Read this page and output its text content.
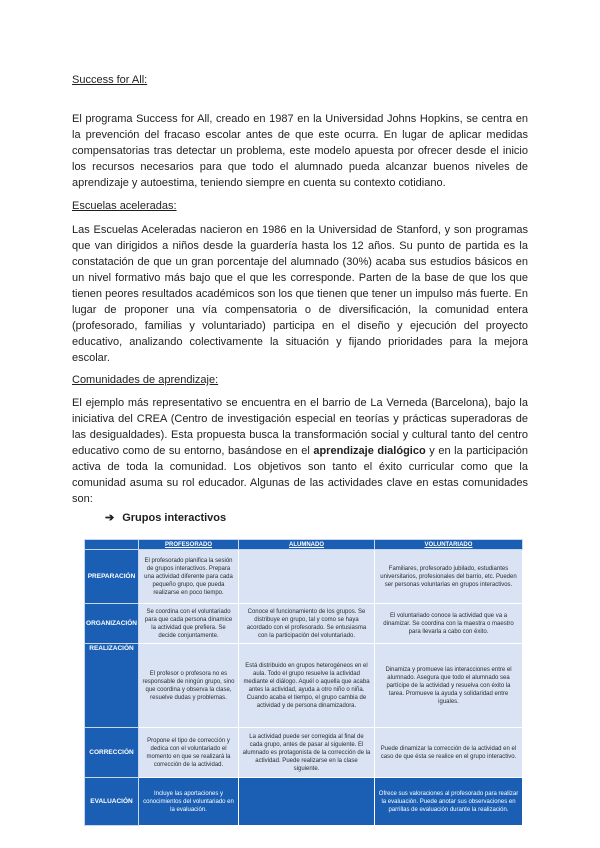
Success for All:

El programa Success for All, creado en 1987 en la Universidad Johns Hopkins, se centra en la prevención del fracaso escolar antes de que este ocurra. En lugar de aplicar medidas compensatorias tras detectar un problema, este modelo apuesta por ofrecer desde el inicio los recursos necesarios para que todo el alumnado pueda alcanzar buenos niveles de aprendizaje y autoestima, teniendo siempre en cuenta su contexto cotidiano.

Escuelas aceleradas:

Las Escuelas Aceleradas nacieron en 1986 en la Universidad de Stanford, y son programas que van dirigidos a niños desde la guardería hasta los 12 años. Su punto de partida es la constatación de que un gran porcentaje del alumnado (30%) acaba sus estudios básicos en un nivel formativo más bajo que el que les corresponde. Parten de la base de que los que tienen peores resultados académicos son los que tienen que tener un impulso más fuerte. En lugar de proponer una vía compensatoria o de diversificación, la comunidad entera (profesorado, familias y voluntariado) participa en el diseño y ejecución del proyecto educativo, analizando colectivamente la situación y fijando prioridades para la mejora escolar.

Comunidades de aprendizaje:

El ejemplo más representativo se encuentra en el barrio de La Verneda (Barcelona), bajo la iniciativa del CREA (Centro de investigación especial en teorías y prácticas superadoras de las desigualdades). Esta propuesta busca la transformación social y cultural tanto del centro educativo como de su entorno, basándose en el aprendizaje dialógico y en la participación activa de toda la comunidad. Los objetivos son tanto el éxito curricular como que la comunidad asuma su rol educador. Algunas de las actividades clave en estas comunidades son:

➔ Grupos interactivos
	PROFESORADO	ALUMNADO	VOLUNTARIADO
PREPARACIÓN	El profesorado planifica la sesión de grupos interactivos. Prepara una actividad diferente para cada pequeño grupo, que pueda realizarse en poco tiempo.		Familiares, profesorado jubilado, estudiantes universitarios, profesionales del barrio, etc. Pueden ser personas voluntarias en grupos interactivos.
ORGANIZACIÓN	Se coordina con el voluntariado para que cada persona dinamice la actividad que prefiera. Se decide conjuntamente.	Conoce el funcionamiento de los grupos. Se distribuye en grupo, tal y como se haya acordado con el profesorado. Se entusiasma con la participación del voluntariado.	El voluntariado conoce la actividad que va a dinamizar. Se coordina con la maestra o maestro para llevarla a cabo con éxito.
REALIZACIÓN	El profesor o profesora no es responsable de ningún grupo, sino que coordina y observa la clase, resuelve dudas y problemas.	Está distribuido en grupos heterogéneos en el aula. Todo el grupo resuelve la actividad mediante el diálogo. Aquél o aquella que acaba antes la actividad, ayuda a otro niño o niña. Cuando acaba el tiempo, el grupo cambia de actividad y de persona dinamizadora.	Dinamiza y promueve las interacciones entre el alumnado. Asegura que todo el alumnado sea partícipe de la actividad y resuelva con éxito la tarea. Promueve la ayuda y solidaridad entre iguales.
CORRECCIÓN	Propone el tipo de corrección y dedica con el voluntariado el momento en que se realizará la corrección de la actividad.	La actividad puede ser corregida al final de cada grupo, antes de pasar al siguiente. El alumnado es protagonista de la corrección de la actividad. Puede realizarse en la clase siguiente.	Puede dinamizar la corrección de la actividad en el caso de que ésta se realice en el grupo interactivo.
EVALUACIÓN	Incluye las aportaciones y conocimientos del voluntariado en la evaluación.		Ofrece sus valoraciones al profesorado para realizar la evaluación. Puede anotar sus observaciones en parrillas de evaluación durante la realización.
